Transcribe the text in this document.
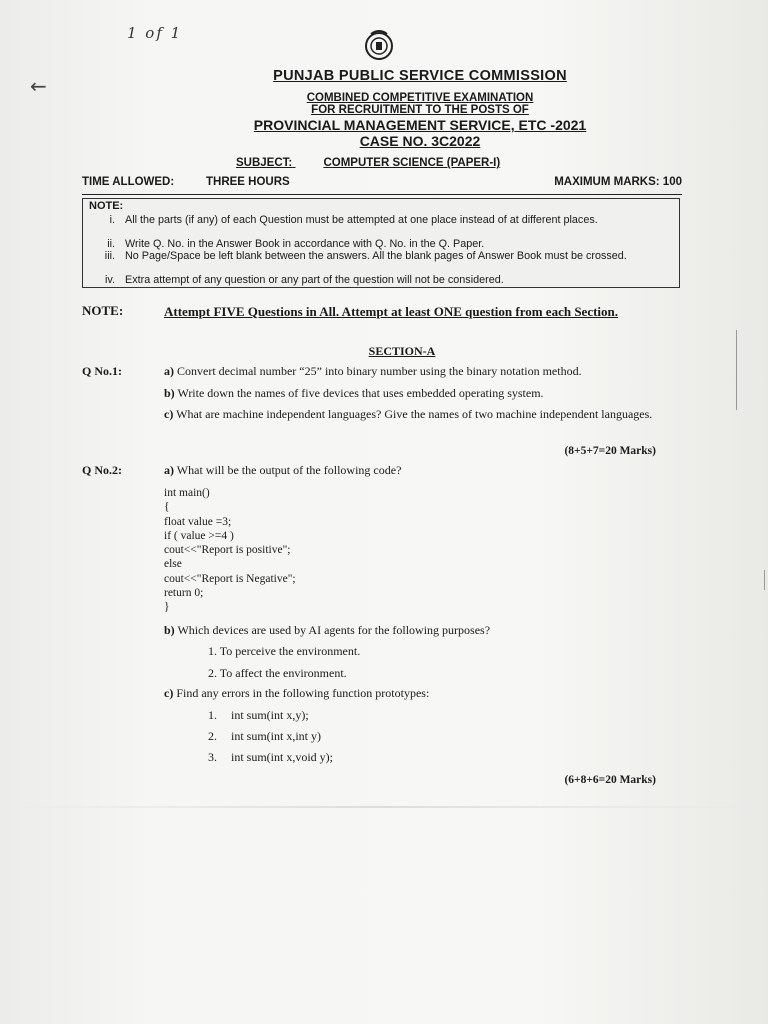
1 of 1
←	PUNJAB PUBLIC SERVICE COMMISSION
COMBINED COMPETITIVE EXAMINATION
FOR RECRUITMENT TO THE POSTS OF
PROVINCIAL MANAGEMENT SERVICE, ETC -2021
CASE NO. 3C2022
SUBJECT:	COMPUTER SCIENCE (PAPER-I)
TIME ALLOWED:	THREE HOURS	MAXIMUM MARKS: 100
NOTE:
i. All the parts (if any) of each Question must be attempted at one place instead of at different places.
ii. Write Q. No. in the Answer Book in accordance with Q. No. in the Q. Paper.
iii. No Page/Space be left blank between the answers. All the blank pages of Answer Book must be crossed.
iv. Extra attempt of any question or any part of the question will not be considered.
NOTE:	Attempt FIVE Questions in All. Attempt at least ONE question from each Section.
SECTION-A
Q No.1:	a) Convert decimal number “25” into binary number using the binary notation method.
b) Write down the names of five devices that uses embedded operating system.
c) What are machine independent languages? Give the names of two machine independent languages.
(8+5+7=20 Marks)
Q No.2:	a) What will be the output of the following code?
int main()
{
float value =3;
if ( value >=4 )
cout<<"Report is positive";
else
cout<<"Report is Negative";
return 0;
}
b) Which devices are used by AI agents for the following purposes?
1. To perceive the environment.
2. To affect the environment.
c) Find any errors in the following function prototypes:
1. int sum(int x,y);
2. int sum(int x,int y)
3. int sum(int x,void y);
(6+8+6=20 Marks)
